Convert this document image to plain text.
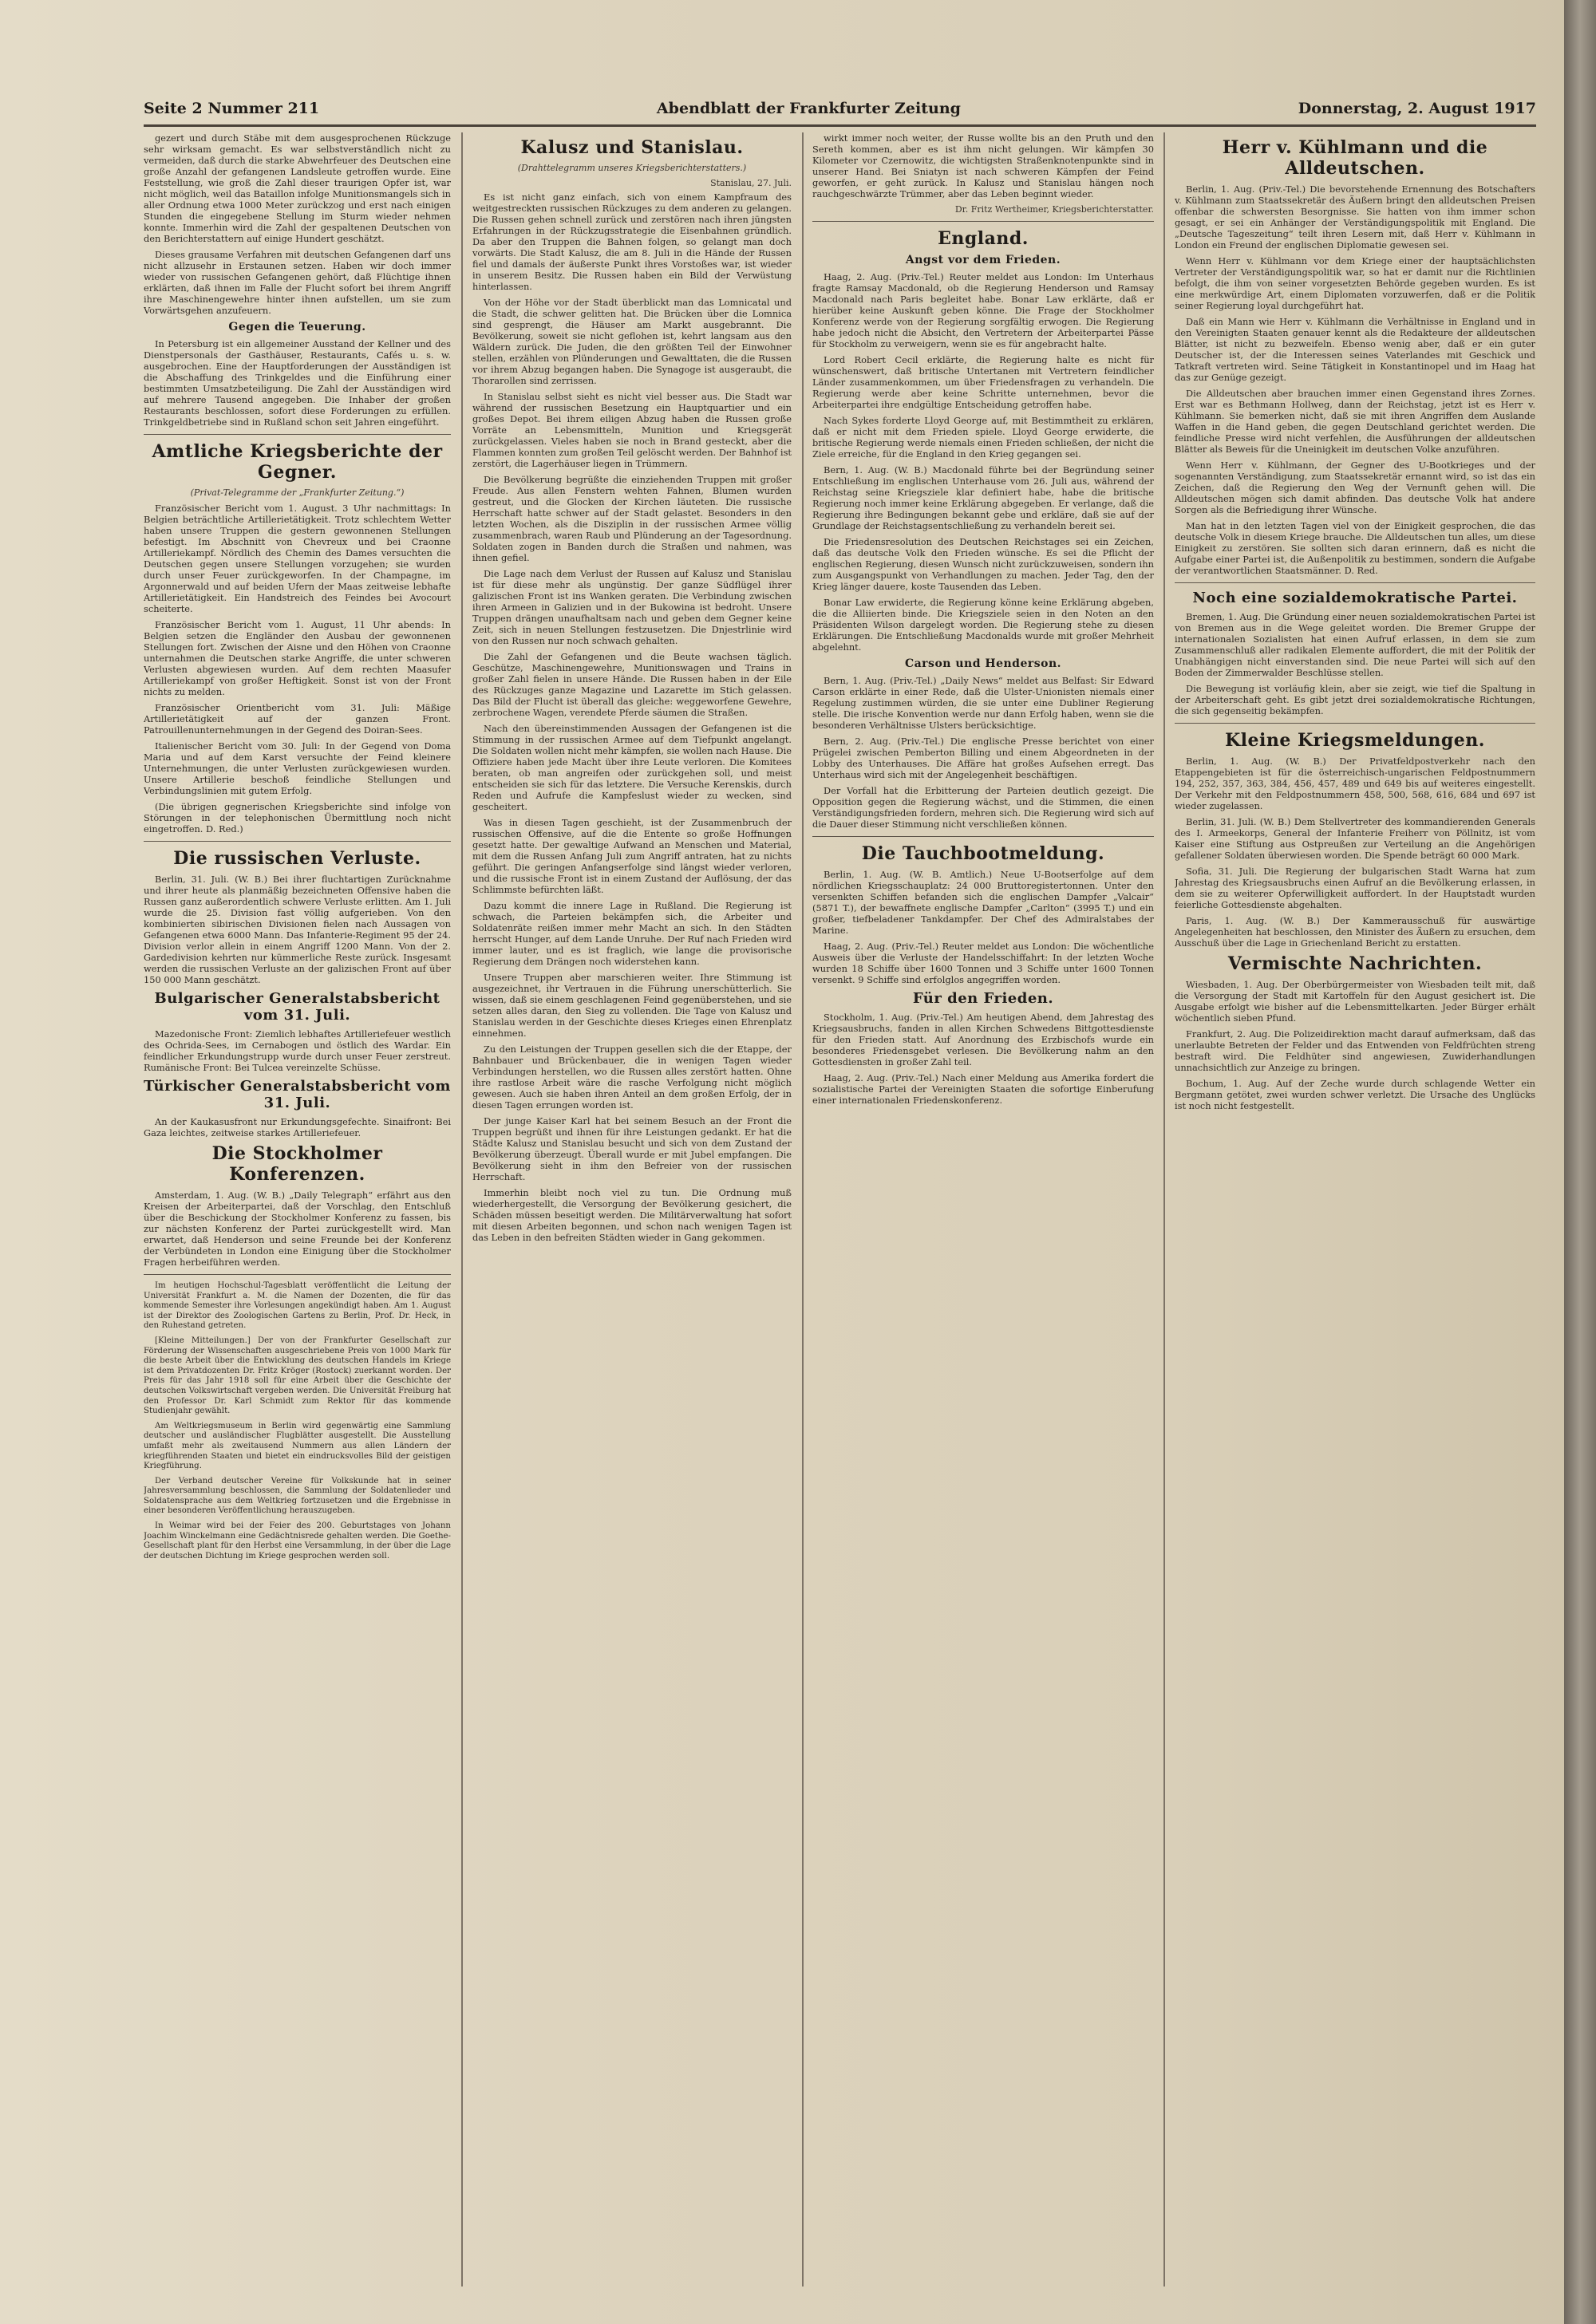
Seite 2 Nummer 211	Abendblatt der Frankfurter Zeitung	Donnerstag, 2. August 1917
gezert und durch Stäbe mit dem ausgesprochenen Rückzuge sehr wirksam gemacht. Es war selbstverständlich nicht zu vermeiden, daß durch die starke Abwehrfeuer des Deutschen eine große Anzahl der gefangenen Landsleute getroffen wurde. Eine Feststellung, wie groß die Zahl dieser traurigen Opfer ist, war nicht möglich, weil das Bataillon infolge Munitionsmangels sich in aller Ordnung etwa 1000 Meter zurückzog und erst nach einigen Stunden die eingegebene Stellung im Sturm wieder nehmen konnte. Immerhin wird die Zahl der gespaltenen Deutschen von den Berichterstattern auf einige Hundert geschätzt.
Dieses grausame Verfahren mit deutschen Gefangenen darf uns nicht allzusehr in Erstaunen setzen. Haben wir doch immer wieder von russischen Gefangenen gehört, daß Flüchtige ihnen erklärten, daß ihnen im Falle der Flucht sofort bei ihrem Angriff ihre Maschinengewehre hinter ihnen aufstellen, um sie zum Vorwärtsgehen anzufeuern.
Gegen die Teuerung.
In Petersburg ist ein allgemeiner Ausstand der Kellner und des Dienstpersonals der Gasthäuser, Restaurants, Cafés u. s. w. ausgebrochen. Eine der Hauptforderungen der Ausständigen ist die Abschaffung des Trinkgeldes und die Einführung einer bestimmten Umsatzbeteiligung. Die Zahl der Ausständigen wird auf mehrere Tausend angegeben. Die Inhaber der großen Restaurants beschlossen, sofort diese Forderungen zu erfüllen. Trinkgeldbetriebe sind in Rußland schon seit Jahren eingeführt.
Amtliche Kriegsberichte der Gegner.
(Privat-Telegramme der „Frankfurter Zeitung.“)
Französischer Bericht vom 1. August. 3 Uhr nachmittags: In Belgien beträchtliche Artillerietätigkeit. Trotz schlechtem Wetter haben unsere Truppen die gestern gewonnenen Stellungen befestigt. Im Abschnitt von Chevreux und bei Craonne Artilleriekampf. Nördlich des Chemin des Dames versuchten die Deutschen gegen unsere Stellungen vorzugehen; sie wurden durch unser Feuer zurückgeworfen. In der Champagne, im Argonnerwald und auf beiden Ufern der Maas zeitweise lebhafte Artillerietätigkeit. Ein Handstreich des Feindes bei Avocourt scheiterte.
Französischer Bericht vom 1. August, 11 Uhr abends: In Belgien setzen die Engländer den Ausbau der gewonnenen Stellungen fort. Zwischen der Aisne und den Höhen von Craonne unternahmen die Deutschen starke Angriffe, die unter schweren Verlusten abgewiesen wurden. Auf dem rechten Maasufer Artilleriekampf von großer Heftigkeit. Sonst ist von der Front nichts zu melden.
Französischer Orientbericht vom 31. Juli: Mäßige Artillerietätigkeit auf der ganzen Front. Patrouillenunternehmungen in der Gegend des Doiran-Sees.
Italienischer Bericht vom 30. Juli: In der Gegend von Doma Maria und auf dem Karst versuchte der Feind kleinere Unternehmungen, die unter Verlusten zurückgewiesen wurden. Unsere Artillerie beschoß feindliche Stellungen und Verbindungslinien mit gutem Erfolg.
(Die übrigen gegnerischen Kriegsberichte sind infolge von Störungen in der telephonischen Übermittlung noch nicht eingetroffen. D. Red.)
Die russischen Verluste.
Berlin, 31. Juli. (W. B.) Bei ihrer fluchtartigen Zurücknahme und ihrer heute als planmäßig bezeichneten Offensive haben die Russen ganz außerordentlich schwere Verluste erlitten. Am 1. Juli wurde die 25. Division fast völlig aufgerieben. Von den kombinierten sibirischen Divisionen fielen nach Aussagen von Gefangenen etwa 6000 Mann. Das Infanterie-Regiment 95 der 24. Division verlor allein in einem Angriff 1200 Mann. Von der 2. Gardedivision kehrten nur kümmerliche Reste zurück. Insgesamt werden die russischen Verluste an der galizischen Front auf über 150 000 Mann geschätzt.
Bulgarischer Generalstabsbericht vom 31. Juli.
Mazedonische Front: Ziemlich lebhaftes Artilleriefeuer westlich des Ochrida-Sees, im Cernabogen und östlich des Wardar. Ein feindlicher Erkundungstrupp wurde durch unser Feuer zerstreut. Rumänische Front: Bei Tulcea vereinzelte Schüsse.
Türkischer Generalstabsbericht vom 31. Juli.
An der Kaukasusfront nur Erkundungsgefechte. Sinaifront: Bei Gaza leichtes, zeitweise starkes Artilleriefeuer.
Die Stockholmer Konferenzen.
Amsterdam, 1. Aug. (W. B.) „Daily Telegraph“ erfährt aus den Kreisen der Arbeiterpartei, daß der Vorschlag, den Entschluß über die Beschickung der Stockholmer Konferenz zu fassen, bis zur nächsten Konferenz der Partei zurückgestellt wird. Man erwartet, daß Henderson und seine Freunde bei der Konferenz der Verbündeten in London eine Einigung über die Stockholmer Fragen herbeiführen werden.
Im heutigen Hochschul-Tagesblatt veröffentlicht die Leitung der Universität Frankfurt a. M. die Namen der Dozenten, die für das kommende Semester ihre Vorlesungen angekündigt haben. Am 1. August ist der Direktor des Zoologischen Gartens zu Berlin, Prof. Dr. Heck, in den Ruhestand getreten.
[Kleine Mitteilungen.] Der von der Frankfurter Gesellschaft zur Förderung der Wissenschaften ausgeschriebene Preis von 1000 Mark für die beste Arbeit über die Entwicklung des deutschen Handels im Kriege ist dem Privatdozenten Dr. Fritz Kröger (Rostock) zuerkannt worden. Der Preis für das Jahr 1918 soll für eine Arbeit über die Geschichte der deutschen Volkswirtschaft vergeben werden. Die Universität Freiburg hat den Professor Dr. Karl Schmidt zum Rektor für das kommende Studienjahr gewählt.
Am Weltkriegsmuseum in Berlin wird gegenwärtig eine Sammlung deutscher und ausländischer Flugblätter ausgestellt. Die Ausstellung umfaßt mehr als zweitausend Nummern aus allen Ländern der kriegführenden Staaten und bietet ein eindrucksvolles Bild der geistigen Kriegführung.
Der Verband deutscher Vereine für Volkskunde hat in seiner Jahresversammlung beschlossen, die Sammlung der Soldatenlieder und Soldatensprache aus dem Weltkrieg fortzusetzen und die Ergebnisse in einer besonderen Veröffentlichung herauszugeben.
In Weimar wird bei der Feier des 200. Geburtstages von Johann Joachim Winckelmann eine Gedächtnisrede gehalten werden. Die Goethe-Gesellschaft plant für den Herbst eine Versammlung, in der über die Lage der deutschen Dichtung im Kriege gesprochen werden soll.
Kalusz und Stanislau.
(Drahttelegramm unseres Kriegsberichterstatters.)
Stanislau, 27. Juli.
Es ist nicht ganz einfach, sich von einem Kampfraum des weitgestreckten russischen Rückzuges zu dem anderen zu gelangen. Die Russen gehen schnell zurück und zerstören nach ihren jüngsten Erfahrungen in der Rückzugsstrategie die Eisenbahnen gründlich. Da aber den Truppen die Bahnen folgen, so gelangt man doch vorwärts. Die Stadt Kalusz, die am 8. Juli in die Hände der Russen fiel und damals der äußerste Punkt ihres Vorstoßes war, ist wieder in unserem Besitz. Die Russen haben ein Bild der Verwüstung hinterlassen.
Von der Höhe vor der Stadt überblickt man das Lomnicatal und die Stadt, die schwer gelitten hat. Die Brücken über die Lomnica sind gesprengt, die Häuser am Markt ausgebrannt. Die Bevölkerung, soweit sie nicht geflohen ist, kehrt langsam aus den Wäldern zurück. Die Juden, die den größten Teil der Einwohner stellen, erzählen von Plünderungen und Gewalttaten, die die Russen vor ihrem Abzug begangen haben. Die Synagoge ist ausgeraubt, die Thorarollen sind zerrissen.
In Stanislau selbst sieht es nicht viel besser aus. Die Stadt war während der russischen Besetzung ein Hauptquartier und ein großes Depot. Bei ihrem eiligen Abzug haben die Russen große Vorräte an Lebensmitteln, Munition und Kriegsgerät zurückgelassen. Vieles haben sie noch in Brand gesteckt, aber die Flammen konnten zum großen Teil gelöscht werden. Der Bahnhof ist zerstört, die Lagerhäuser liegen in Trümmern.
Die Bevölkerung begrüßte die einziehenden Truppen mit großer Freude. Aus allen Fenstern wehten Fahnen, Blumen wurden gestreut, und die Glocken der Kirchen läuteten. Die russische Herrschaft hatte schwer auf der Stadt gelastet. Besonders in den letzten Wochen, als die Disziplin in der russischen Armee völlig zusammenbrach, waren Raub und Plünderung an der Tagesordnung. Soldaten zogen in Banden durch die Straßen und nahmen, was ihnen gefiel.
Die Lage nach dem Verlust der Russen auf Kalusz und Stanislau ist für diese mehr als ungünstig. Der ganze Südflügel ihrer galizischen Front ist ins Wanken geraten. Die Verbindung zwischen ihren Armeen in Galizien und in der Bukowina ist bedroht. Unsere Truppen drängen unaufhaltsam nach und geben dem Gegner keine Zeit, sich in neuen Stellungen festzusetzen. Die Dnjestrlinie wird von den Russen nur noch schwach gehalten.
Die Zahl der Gefangenen und die Beute wachsen täglich. Geschütze, Maschinengewehre, Munitionswagen und Trains in großer Zahl fielen in unsere Hände. Die Russen haben in der Eile des Rückzuges ganze Magazine und Lazarette im Stich gelassen. Das Bild der Flucht ist überall das gleiche: weggeworfene Gewehre, zerbrochene Wagen, verendete Pferde säumen die Straßen.
Nach den übereinstimmenden Aussagen der Gefangenen ist die Stimmung in der russischen Armee auf dem Tiefpunkt angelangt. Die Soldaten wollen nicht mehr kämpfen, sie wollen nach Hause. Die Offiziere haben jede Macht über ihre Leute verloren. Die Komitees beraten, ob man angreifen oder zurückgehen soll, und meist entscheiden sie sich für das letztere. Die Versuche Kerenskis, durch Reden und Aufrufe die Kampfeslust wieder zu wecken, sind gescheitert.
Was in diesen Tagen geschieht, ist der Zusammenbruch der russischen Offensive, auf die die Entente so große Hoffnungen gesetzt hatte. Der gewaltige Aufwand an Menschen und Material, mit dem die Russen Anfang Juli zum Angriff antraten, hat zu nichts geführt. Die geringen Anfangserfolge sind längst wieder verloren, und die russische Front ist in einem Zustand der Auflösung, der das Schlimmste befürchten läßt.
Dazu kommt die innere Lage in Rußland. Die Regierung ist schwach, die Parteien bekämpfen sich, die Arbeiter und Soldatenräte reißen immer mehr Macht an sich. In den Städten herrscht Hunger, auf dem Lande Unruhe. Der Ruf nach Frieden wird immer lauter, und es ist fraglich, wie lange die provisorische Regierung dem Drängen noch widerstehen kann.
Unsere Truppen aber marschieren weiter. Ihre Stimmung ist ausgezeichnet, ihr Vertrauen in die Führung unerschütterlich. Sie wissen, daß sie einem geschlagenen Feind gegenüberstehen, und sie setzen alles daran, den Sieg zu vollenden. Die Tage von Kalusz und Stanislau werden in der Geschichte dieses Krieges einen Ehrenplatz einnehmen.
Zu den Leistungen der Truppen gesellen sich die der Etappe, der Bahnbauer und Brückenbauer, die in wenigen Tagen wieder Verbindungen herstellen, wo die Russen alles zerstört hatten. Ohne ihre rastlose Arbeit wäre die rasche Verfolgung nicht möglich gewesen. Auch sie haben ihren Anteil an dem großen Erfolg, der in diesen Tagen errungen worden ist.
Der junge Kaiser Karl hat bei seinem Besuch an der Front die Truppen begrüßt und ihnen für ihre Leistungen gedankt. Er hat die Städte Kalusz und Stanislau besucht und sich von dem Zustand der Bevölkerung überzeugt. Überall wurde er mit Jubel empfangen. Die Bevölkerung sieht in ihm den Befreier von der russischen Herrschaft.
Immerhin bleibt noch viel zu tun. Die Ordnung muß wiederhergestellt, die Versorgung der Bevölkerung gesichert, die Schäden müssen beseitigt werden. Die Militärverwaltung hat sofort mit diesen Arbeiten begonnen, und schon nach wenigen Tagen ist das Leben in den befreiten Städten wieder in Gang gekommen.
wirkt immer noch weiter, der Russe wollte bis an den Pruth und den Sereth kommen, aber es ist ihm nicht gelungen. Wir kämpfen 30 Kilometer vor Czernowitz, die wichtigsten Straßenknotenpunkte sind in unserer Hand. Bei Sniatyn ist nach schweren Kämpfen der Feind geworfen, er geht zurück. In Kalusz und Stanislau hängen noch rauchgeschwärzte Trümmer, aber das Leben beginnt wieder.
Dr. Fritz Wertheimer, Kriegsberichterstatter.
England.
Angst vor dem Frieden.
Haag, 2. Aug. (Priv.-Tel.) Reuter meldet aus London: Im Unterhaus fragte Ramsay Macdonald, ob die Regierung Henderson und Ramsay Macdonald nach Paris begleitet habe. Bonar Law erklärte, daß er hierüber keine Auskunft geben könne. Die Frage der Stockholmer Konferenz werde von der Regierung sorgfältig erwogen. Die Regierung habe jedoch nicht die Absicht, den Vertretern der Arbeiterpartei Pässe für Stockholm zu verweigern, wenn sie es für angebracht halte.
Lord Robert Cecil erklärte, die Regierung halte es nicht für wünschenswert, daß britische Untertanen mit Vertretern feindlicher Länder zusammenkommen, um über Friedensfragen zu verhandeln. Die Regierung werde aber keine Schritte unternehmen, bevor die Arbeiterpartei ihre endgültige Entscheidung getroffen habe.
Nach Sykes forderte Lloyd George auf, mit Bestimmtheit zu erklären, daß er nicht mit dem Frieden spiele. Lloyd George erwiderte, die britische Regierung werde niemals einen Frieden schließen, der nicht die Ziele erreiche, für die England in den Krieg gegangen sei.
Bern, 1. Aug. (W. B.) Macdonald führte bei der Begründung seiner Entschließung im englischen Unterhause vom 26. Juli aus, während der Reichstag seine Kriegsziele klar definiert habe, habe die britische Regierung noch immer keine Erklärung abgegeben. Er verlange, daß die Regierung ihre Bedingungen bekannt gebe und erkläre, daß sie auf der Grundlage der Reichstagsentschließung zu verhandeln bereit sei.
Die Friedensresolution des Deutschen Reichstages sei ein Zeichen, daß das deutsche Volk den Frieden wünsche. Es sei die Pflicht der englischen Regierung, diesen Wunsch nicht zurückzuweisen, sondern ihn zum Ausgangspunkt von Verhandlungen zu machen. Jeder Tag, den der Krieg länger dauere, koste Tausenden das Leben.
Bonar Law erwiderte, die Regierung könne keine Erklärung abgeben, die die Alliierten binde. Die Kriegsziele seien in den Noten an den Präsidenten Wilson dargelegt worden. Die Regierung stehe zu diesen Erklärungen. Die Entschließung Macdonalds wurde mit großer Mehrheit abgelehnt.
Carson und Henderson.
Bern, 1. Aug. (Priv.-Tel.) „Daily News“ meldet aus Belfast: Sir Edward Carson erklärte in einer Rede, daß die Ulster-Unionisten niemals einer Regelung zustimmen würden, die sie unter eine Dubliner Regierung stelle. Die irische Konvention werde nur dann Erfolg haben, wenn sie die besonderen Verhältnisse Ulsters berücksichtige.
Bern, 2. Aug. (Priv.-Tel.) Die englische Presse berichtet von einer Prügelei zwischen Pemberton Billing und einem Abgeordneten in der Lobby des Unterhauses. Die Affäre hat großes Aufsehen erregt. Das Unterhaus wird sich mit der Angelegenheit beschäftigen.
Der Vorfall hat die Erbitterung der Parteien deutlich gezeigt. Die Opposition gegen die Regierung wächst, und die Stimmen, die einen Verständigungsfrieden fordern, mehren sich. Die Regierung wird sich auf die Dauer dieser Stimmung nicht verschließen können.
Die Tauchbootmeldung.
Berlin, 1. Aug. (W. B. Amtlich.) Neue U-Bootserfolge auf dem nördlichen Kriegsschauplatz: 24 000 Bruttoregistertonnen. Unter den versenkten Schiffen befanden sich die englischen Dampfer „Valcair“ (5871 T.), der bewaffnete englische Dampfer „Carlton“ (3995 T.) und ein großer, tiefbeladener Tankdampfer. Der Chef des Admiralstabes der Marine.
Haag, 2. Aug. (Priv.-Tel.) Reuter meldet aus London: Die wöchentliche Ausweis über die Verluste der Handelsschiffahrt: In der letzten Woche wurden 18 Schiffe über 1600 Tonnen und 3 Schiffe unter 1600 Tonnen versenkt. 9 Schiffe sind erfolglos angegriffen worden.
Für den Frieden.
Stockholm, 1. Aug. (Priv.-Tel.) Am heutigen Abend, dem Jahrestag des Kriegsausbruchs, fanden in allen Kirchen Schwedens Bittgottesdienste für den Frieden statt. Auf Anordnung des Erzbischofs wurde ein besonderes Friedensgebet verlesen. Die Bevölkerung nahm an den Gottesdiensten in großer Zahl teil.
Haag, 2. Aug. (Priv.-Tel.) Nach einer Meldung aus Amerika fordert die sozialistische Partei der Vereinigten Staaten die sofortige Einberufung einer internationalen Friedenskonferenz.
Herr v. Kühlmann und die Alldeutschen.
Berlin, 1. Aug. (Priv.-Tel.) Die bevorstehende Ernennung des Botschafters v. Kühlmann zum Staatssekretär des Äußern bringt den alldeutschen Preisen offenbar die schwersten Besorgnisse. Sie hatten von ihm immer schon gesagt, er sei ein Anhänger der Verständigungspolitik mit England. Die „Deutsche Tageszeitung“ teilt ihren Lesern mit, daß Herr v. Kühlmann in London ein Freund der englischen Diplomatie gewesen sei.
Wenn Herr v. Kühlmann vor dem Kriege einer der hauptsächlichsten Vertreter der Verständigungspolitik war, so hat er damit nur die Richtlinien befolgt, die ihm von seiner vorgesetzten Behörde gegeben wurden. Es ist eine merkwürdige Art, einem Diplomaten vorzuwerfen, daß er die Politik seiner Regierung loyal durchgeführt hat.
Daß ein Mann wie Herr v. Kühlmann die Verhältnisse in England und in den Vereinigten Staaten genauer kennt als die Redakteure der alldeutschen Blätter, ist nicht zu bezweifeln. Ebenso wenig aber, daß er ein guter Deutscher ist, der die Interessen seines Vaterlandes mit Geschick und Tatkraft vertreten wird. Seine Tätigkeit in Konstantinopel und im Haag hat das zur Genüge gezeigt.
Die Alldeutschen aber brauchen immer einen Gegenstand ihres Zornes. Erst war es Bethmann Hollweg, dann der Reichstag, jetzt ist es Herr v. Kühlmann. Sie bemerken nicht, daß sie mit ihren Angriffen dem Auslande Waffen in die Hand geben, die gegen Deutschland gerichtet werden. Die feindliche Presse wird nicht verfehlen, die Ausführungen der alldeutschen Blätter als Beweis für die Uneinigkeit im deutschen Volke anzuführen.
Wenn Herr v. Kühlmann, der Gegner des U-Bootkrieges und der sogenannten Verständigung, zum Staatssekretär ernannt wird, so ist das ein Zeichen, daß die Regierung den Weg der Vernunft gehen will. Die Alldeutschen mögen sich damit abfinden. Das deutsche Volk hat andere Sorgen als die Befriedigung ihrer Wünsche.
Man hat in den letzten Tagen viel von der Einigkeit gesprochen, die das deutsche Volk in diesem Kriege brauche. Die Alldeutschen tun alles, um diese Einigkeit zu zerstören. Sie sollten sich daran erinnern, daß es nicht die Aufgabe einer Partei ist, die Außenpolitik zu bestimmen, sondern die Aufgabe der verantwortlichen Staatsmänner. D. Red.
Noch eine sozialdemokratische Partei.
Bremen, 1. Aug. Die Gründung einer neuen sozialdemokratischen Partei ist von Bremen aus in die Wege geleitet worden. Die Bremer Gruppe der internationalen Sozialisten hat einen Aufruf erlassen, in dem sie zum Zusammenschluß aller radikalen Elemente auffordert, die mit der Politik der Unabhängigen nicht einverstanden sind. Die neue Partei will sich auf den Boden der Zimmerwalder Beschlüsse stellen.
Die Bewegung ist vorläufig klein, aber sie zeigt, wie tief die Spaltung in der Arbeiterschaft geht. Es gibt jetzt drei sozialdemokratische Richtungen, die sich gegenseitig bekämpfen.
Kleine Kriegsmeldungen.
Berlin, 1. Aug. (W. B.) Der Privatfeldpostverkehr nach den Etappengebieten ist für die österreichisch-ungarischen Feldpostnummern 194, 252, 357, 363, 384, 456, 457, 489 und 649 bis auf weiteres eingestellt. Der Verkehr mit den Feldpostnummern 458, 500, 568, 616, 684 und 697 ist wieder zugelassen.
Berlin, 31. Juli. (W. B.) Dem Stellvertreter des kommandierenden Generals des I. Armeekorps, General der Infanterie Freiherr von Pöllnitz, ist vom Kaiser eine Stiftung aus Ostpreußen zur Verteilung an die Angehörigen gefallener Soldaten überwiesen worden. Die Spende beträgt 60 000 Mark.
Sofia, 31. Juli. Die Regierung der bulgarischen Stadt Warna hat zum Jahrestag des Kriegsausbruchs einen Aufruf an die Bevölkerung erlassen, in dem sie zu weiterer Opferwilligkeit auffordert. In der Hauptstadt wurden feierliche Gottesdienste abgehalten.
Paris, 1. Aug. (W. B.) Der Kammerausschuß für auswärtige Angelegenheiten hat beschlossen, den Minister des Äußern zu ersuchen, dem Ausschuß über die Lage in Griechenland Bericht zu erstatten.
Vermischte Nachrichten.
Wiesbaden, 1. Aug. Der Oberbürgermeister von Wiesbaden teilt mit, daß die Versorgung der Stadt mit Kartoffeln für den August gesichert ist. Die Ausgabe erfolgt wie bisher auf die Lebensmittelkarten. Jeder Bürger erhält wöchentlich sieben Pfund.
Frankfurt, 2. Aug. Die Polizeidirektion macht darauf aufmerksam, daß das unerlaubte Betreten der Felder und das Entwenden von Feldfrüchten streng bestraft wird. Die Feldhüter sind angewiesen, Zuwiderhandlungen unnachsichtlich zur Anzeige zu bringen.
Bochum, 1. Aug. Auf der Zeche wurde durch schlagende Wetter ein Bergmann getötet, zwei wurden schwer verletzt. Die Ursache des Unglücks ist noch nicht festgestellt.
